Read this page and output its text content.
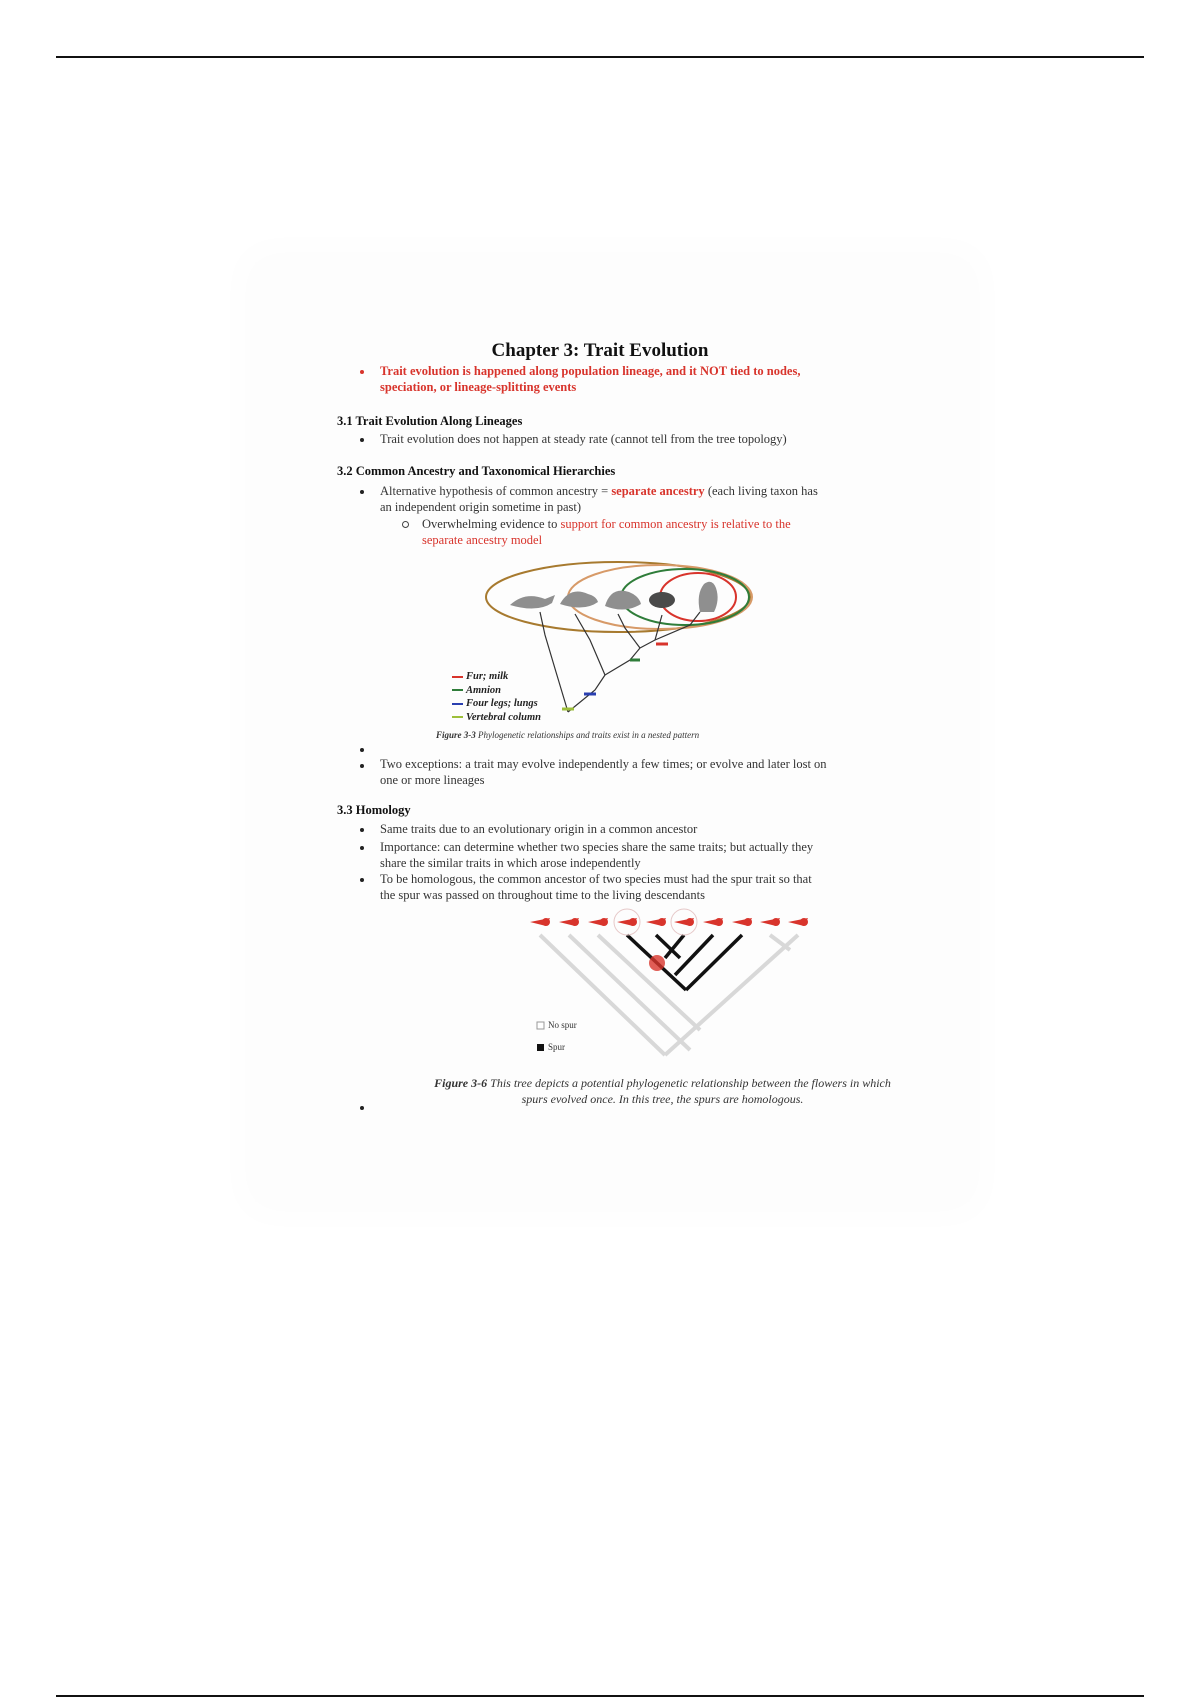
Chapter 3: Trait Evolution
Trait evolution is happened along population lineage, and it NOT tied to nodes,
speciation, or lineage-splitting events
3.1 Trait Evolution Along Lineages
Trait evolution does not happen at steady rate (cannot tell from the tree topology)
3.2 Common Ancestry and Taxonomical Hierarchies
Alternative hypothesis of common ancestry = separate ancestry (each living taxon has
an independent origin sometime in past)
Overwhelming evidence to support for common ancestry is relative to the
separate ancestry model
Fur; milk
Amnion
Four legs; lungs
Vertebral column
Figure 3-3 Phylogenetic relationships and traits exist in a nested pattern
Two exceptions: a trait may evolve independently a few times; or evolve and later lost on
one or more lineages
3.3 Homology
Same traits due to an evolutionary origin in a common ancestor
Importance: can determine whether two species share the same traits; but actually they
share the similar traits in which arose independently
To be homologous, the common ancestor of two species must had the spur trait so that
the spur was passed on throughout time to the living descendants
No spur
Spur
Figure 3-6 This tree depicts a potential phylogenetic relationship between the flowers in which
spurs evolved once. In this tree, the spurs are homologous.
